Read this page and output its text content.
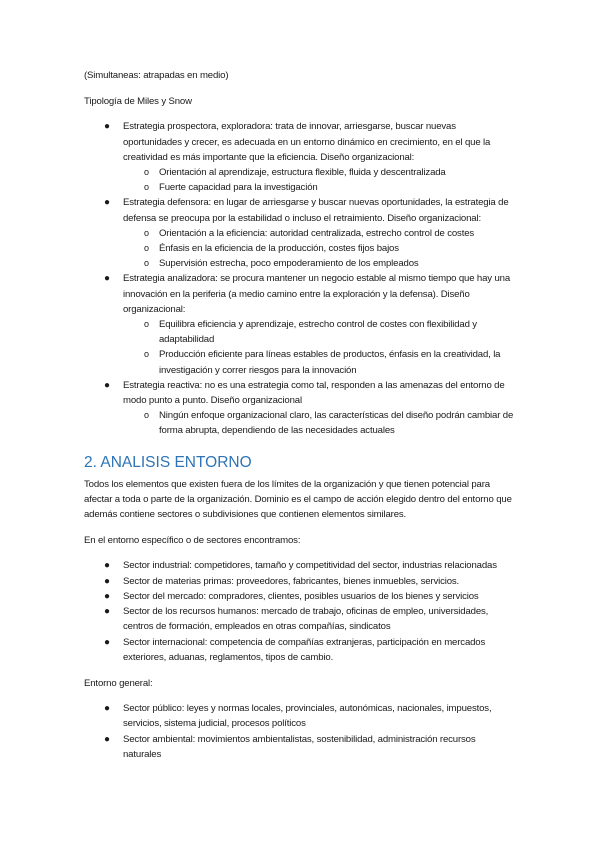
(Simultaneas: atrapadas en medio)

Tipología de Miles y Snow

● Estrategia prospectora, exploradora: trata de innovar, arriesgarse, buscar nuevas oportunidades y crecer, es adecuada en un entorno dinámico en crecimiento, en el que la creatividad es más importante que la eficiencia. Diseño organizacional:
o Orientación al aprendizaje, estructura flexible, fluida y descentralizada
o Fuerte capacidad para la investigación
● Estrategia defensora: en lugar de arriesgarse y buscar nuevas oportunidades, la estrategia de defensa se preocupa por la estabilidad o incluso el retraimiento. Diseño organizacional:
o Orientación a la eficiencia: autoridad centralizada, estrecho control de costes
o Énfasis en la eficiencia de la producción, costes fijos bajos
o Supervisión estrecha, poco empoderamiento de los empleados
● Estrategia analizadora: se procura mantener un negocio estable al mismo tiempo que hay una innovación en la periferia (a medio camino entre la exploración y la defensa). Diseño organizacional:
o Equilibra eficiencia y aprendizaje, estrecho control de costes con flexibilidad y adaptabilidad
o Producción eficiente para líneas estables de productos, énfasis en la creatividad, la investigación y correr riesgos para la innovación
● Estrategia reactiva: no es una estrategia como tal, responden a las amenazas del entorno de modo punto a punto. Diseño organizacional
o Ningún enfoque organizacional claro, las características del diseño podrán cambiar de forma abrupta, dependiendo de las necesidades actuales
2. ANALISIS ENTORNO

Todos los elementos que existen fuera de los límites de la organización y que tienen potencial para afectar a toda o parte de la organización. Dominio es el campo de acción elegido dentro del entorno que además contiene sectores o subdivisiones que contienen elementos similares.

En el entorno específico o de sectores encontramos:

● Sector industrial: competidores, tamaño y competitividad del sector, industrias relacionadas
● Sector de materias primas: proveedores, fabricantes, bienes inmuebles, servicios.
● Sector del mercado: compradores, clientes, posibles usuarios de los bienes y servicios
● Sector de los recursos humanos: mercado de trabajo, oficinas de empleo, universidades, centros de formación, empleados en otras compañías, sindicatos
● Sector internacional: competencia de compañías extranjeras, participación en mercados exteriores, aduanas, reglamentos, tipos de cambio.

Entorno general:

● Sector público: leyes y normas locales, provinciales, autonómicas, nacionales, impuestos, servicios, sistema judicial, procesos políticos
● Sector ambiental: movimientos ambientalistas, sostenibilidad, administración recursos naturales
